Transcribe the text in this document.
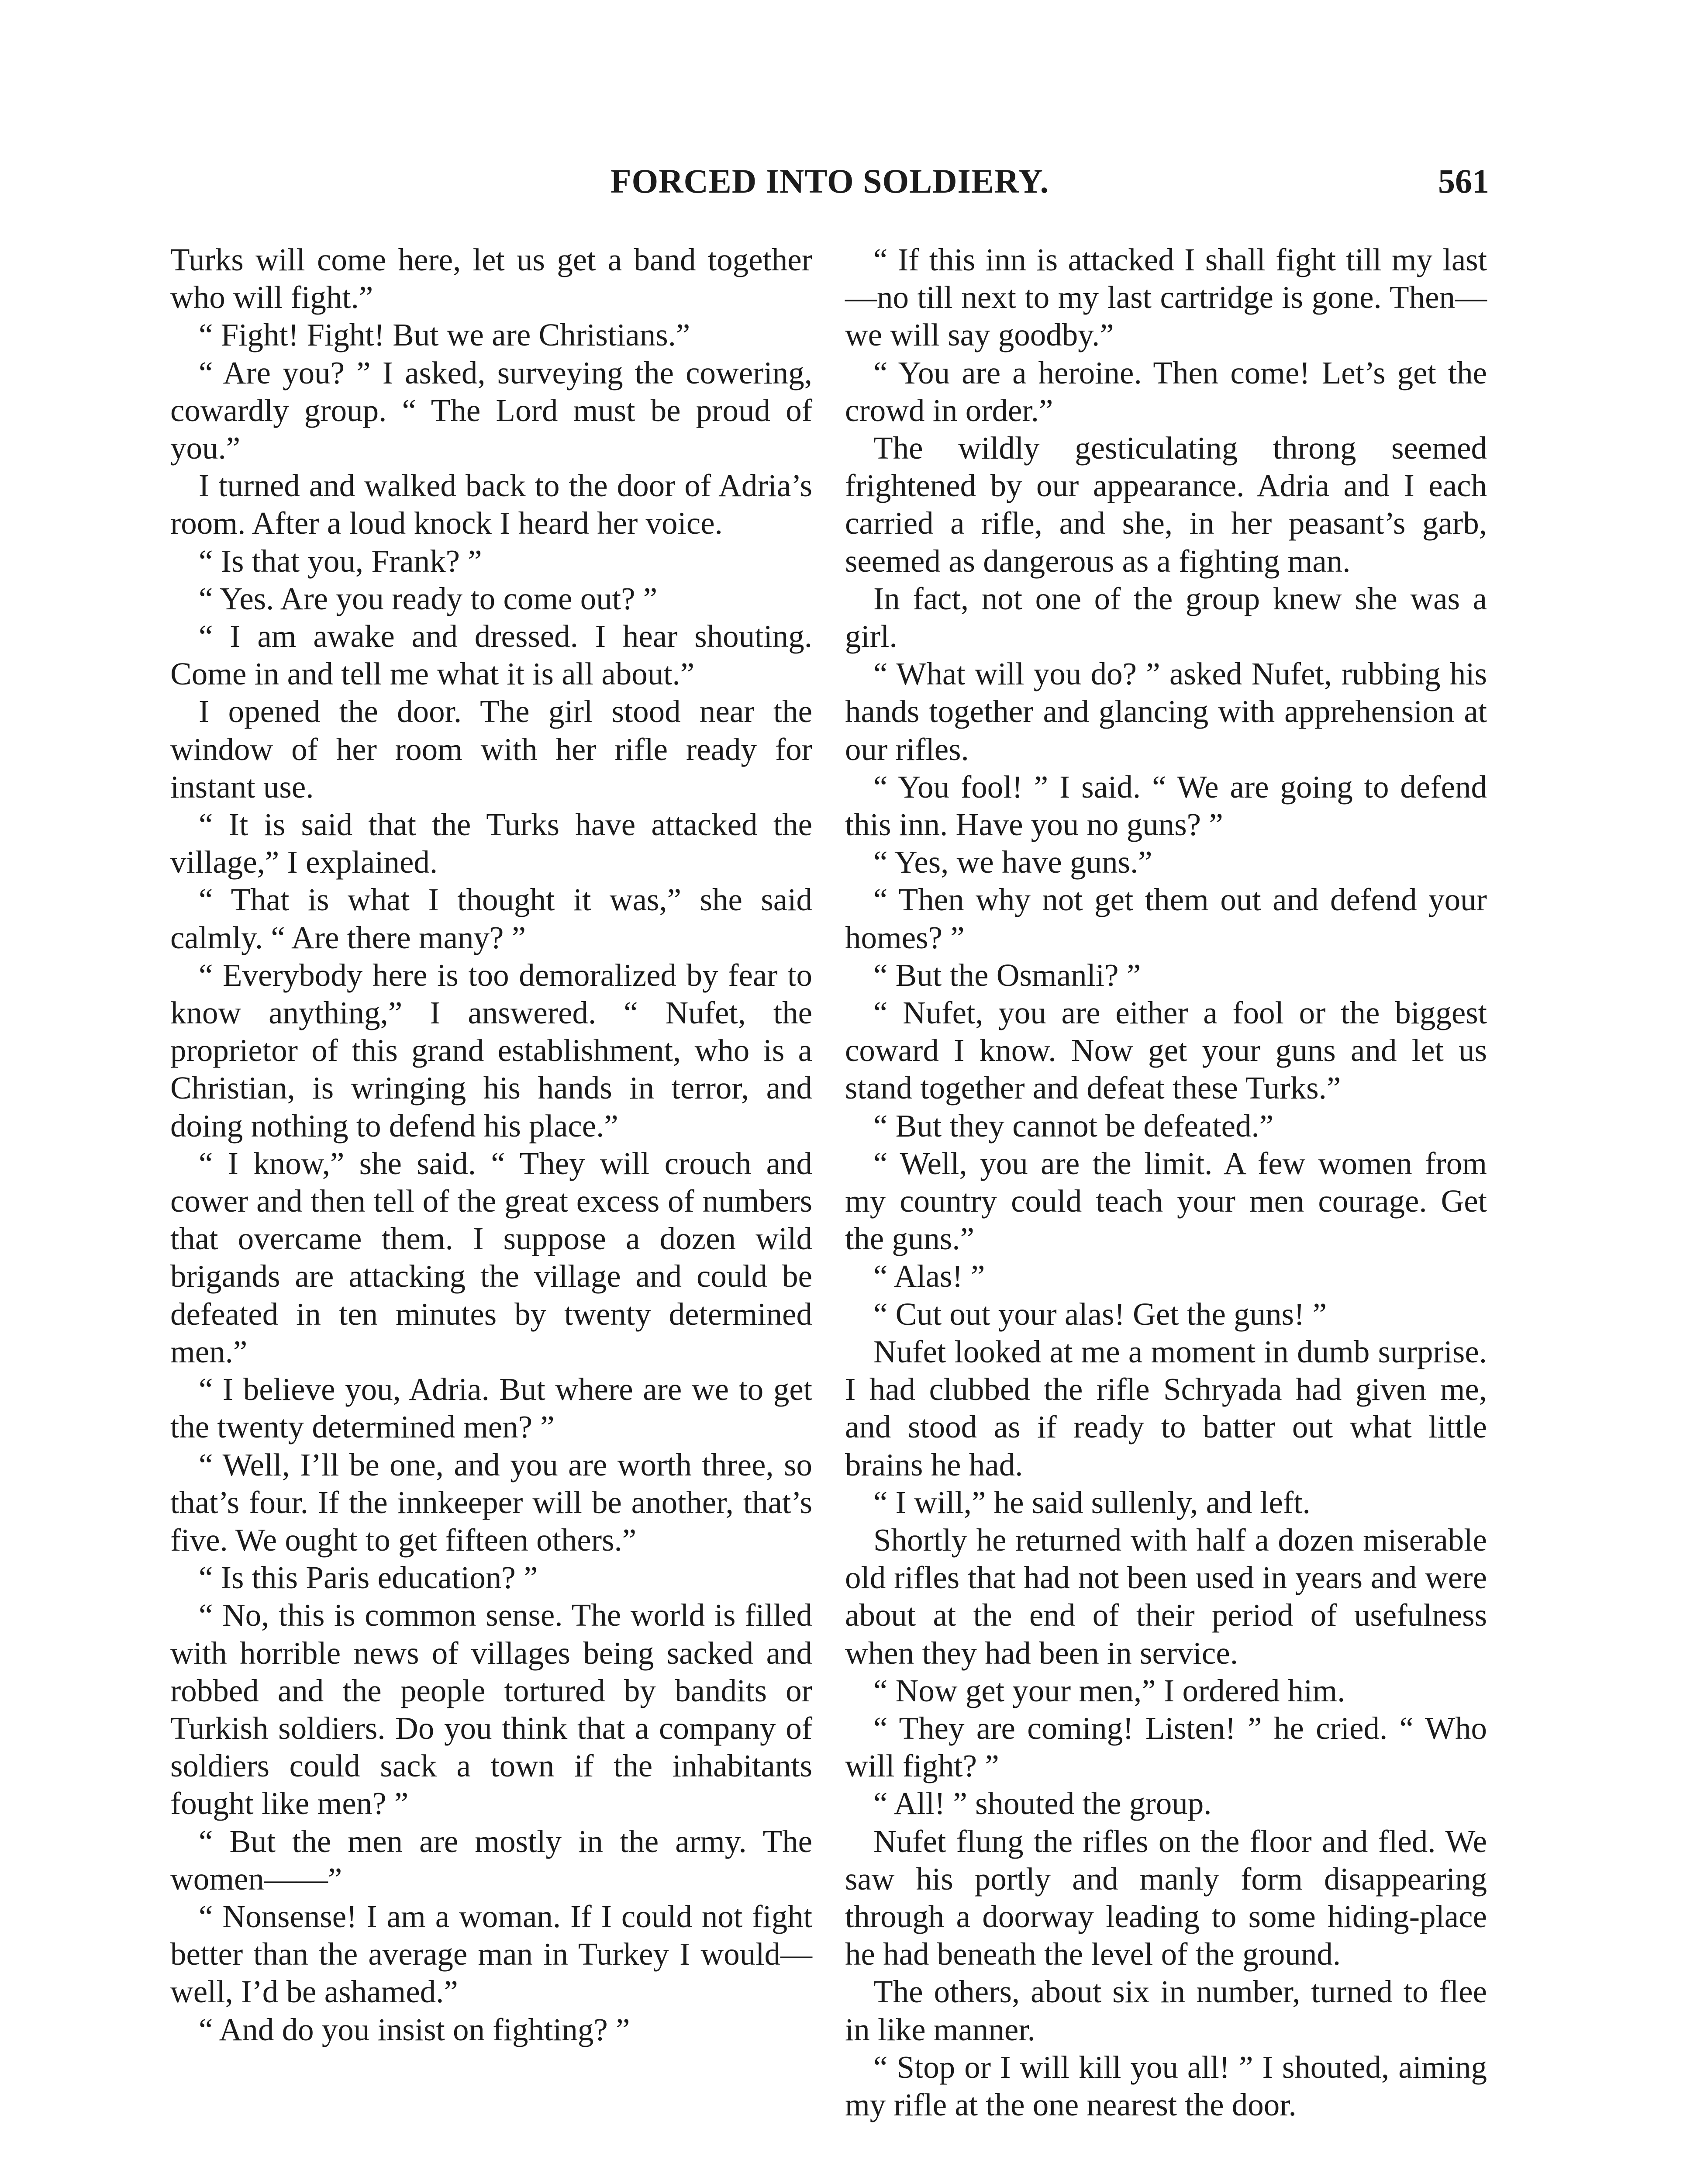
FORCED INTO SOLDIERY.	561

Turks will come here, let us get a band together who will fight.”

“ Fight! Fight! But we are Christians.”

“ Are you? ” I asked, surveying the cowering, cowardly group. “ The Lord must be proud of you.”

I turned and walked back to the door of Adria’s room. After a loud knock I heard her voice.

“ Is that you, Frank? ”

“ Yes. Are you ready to come out? ”

“ I am awake and dressed. I hear shouting. Come in and tell me what it is all about.”

I opened the door. The girl stood near the window of her room with her rifle ready for instant use.

“ It is said that the Turks have attacked the village,” I explained.

“ That is what I thought it was,” she said calmly. “ Are there many? ”

“ Everybody here is too demoralized by fear to know anything,” I answered. “ Nufet, the proprietor of this grand establishment, who is a Christian, is wringing his hands in terror, and doing nothing to defend his place.”

“ I know,” she said. “ They will crouch and cower and then tell of the great excess of numbers that overcame them. I suppose a dozen wild brigands are attacking the village and could be defeated in ten minutes by twenty determined men.”

“ I believe you, Adria. But where are we to get the twenty determined men? ”

“ Well, I’ll be one, and you are worth three, so that’s four. If the innkeeper will be another, that’s five. We ought to get fifteen others.”

“ Is this Paris education? ”

“ No, this is common sense. The world is filled with horrible news of villages being sacked and robbed and the people tortured by bandits or Turkish soldiers. Do you think that a company of soldiers could sack a town if the inhabitants fought like men? ”

“ But the men are mostly in the army. The women——”

“ Nonsense! I am a woman. If I could not fight better than the average man in Turkey I would—well, I’d be ashamed.”

“ And do you insist on fighting? ”

“ If this inn is attacked I shall fight till my last—no till next to my last cartridge is gone. Then—we will say goodby.”

“ You are a heroine. Then come! Let’s get the crowd in order.”

The wildly gesticulating throng seemed frightened by our appearance. Adria and I each carried a rifle, and she, in her peasant’s garb, seemed as dangerous as a fighting man.

In fact, not one of the group knew she was a girl.

“ What will you do? ” asked Nufet, rubbing his hands together and glancing with apprehension at our rifles.

“ You fool! ” I said. “ We are going to defend this inn. Have you no guns? ”

“ Yes, we have guns.”

“ Then why not get them out and defend your homes? ”

“ But the Osmanli? ”

“ Nufet, you are either a fool or the biggest coward I know. Now get your guns and let us stand together and defeat these Turks.”

“ But they cannot be defeated.”

“ Well, you are the limit. A few women from my country could teach your men courage. Get the guns.”

“ Alas! ”

“ Cut out your alas! Get the guns! ”

Nufet looked at me a moment in dumb surprise. I had clubbed the rifle Schryada had given me, and stood as if ready to batter out what little brains he had.

“ I will,” he said sullenly, and left.

Shortly he returned with half a dozen miserable old rifles that had not been used in years and were about at the end of their period of usefulness when they had been in service.

“ Now get your men,” I ordered him.

“ They are coming! Listen! ” he cried. “ Who will fight? ”

“ All! ” shouted the group.

Nufet flung the rifles on the floor and fled. We saw his portly and manly form disappearing through a doorway leading to some hiding-place he had beneath the level of the ground.

The others, about six in number, turned to flee in like manner.

“ Stop or I will kill you all! ” I shouted, aiming my rifle at the one nearest the door.
